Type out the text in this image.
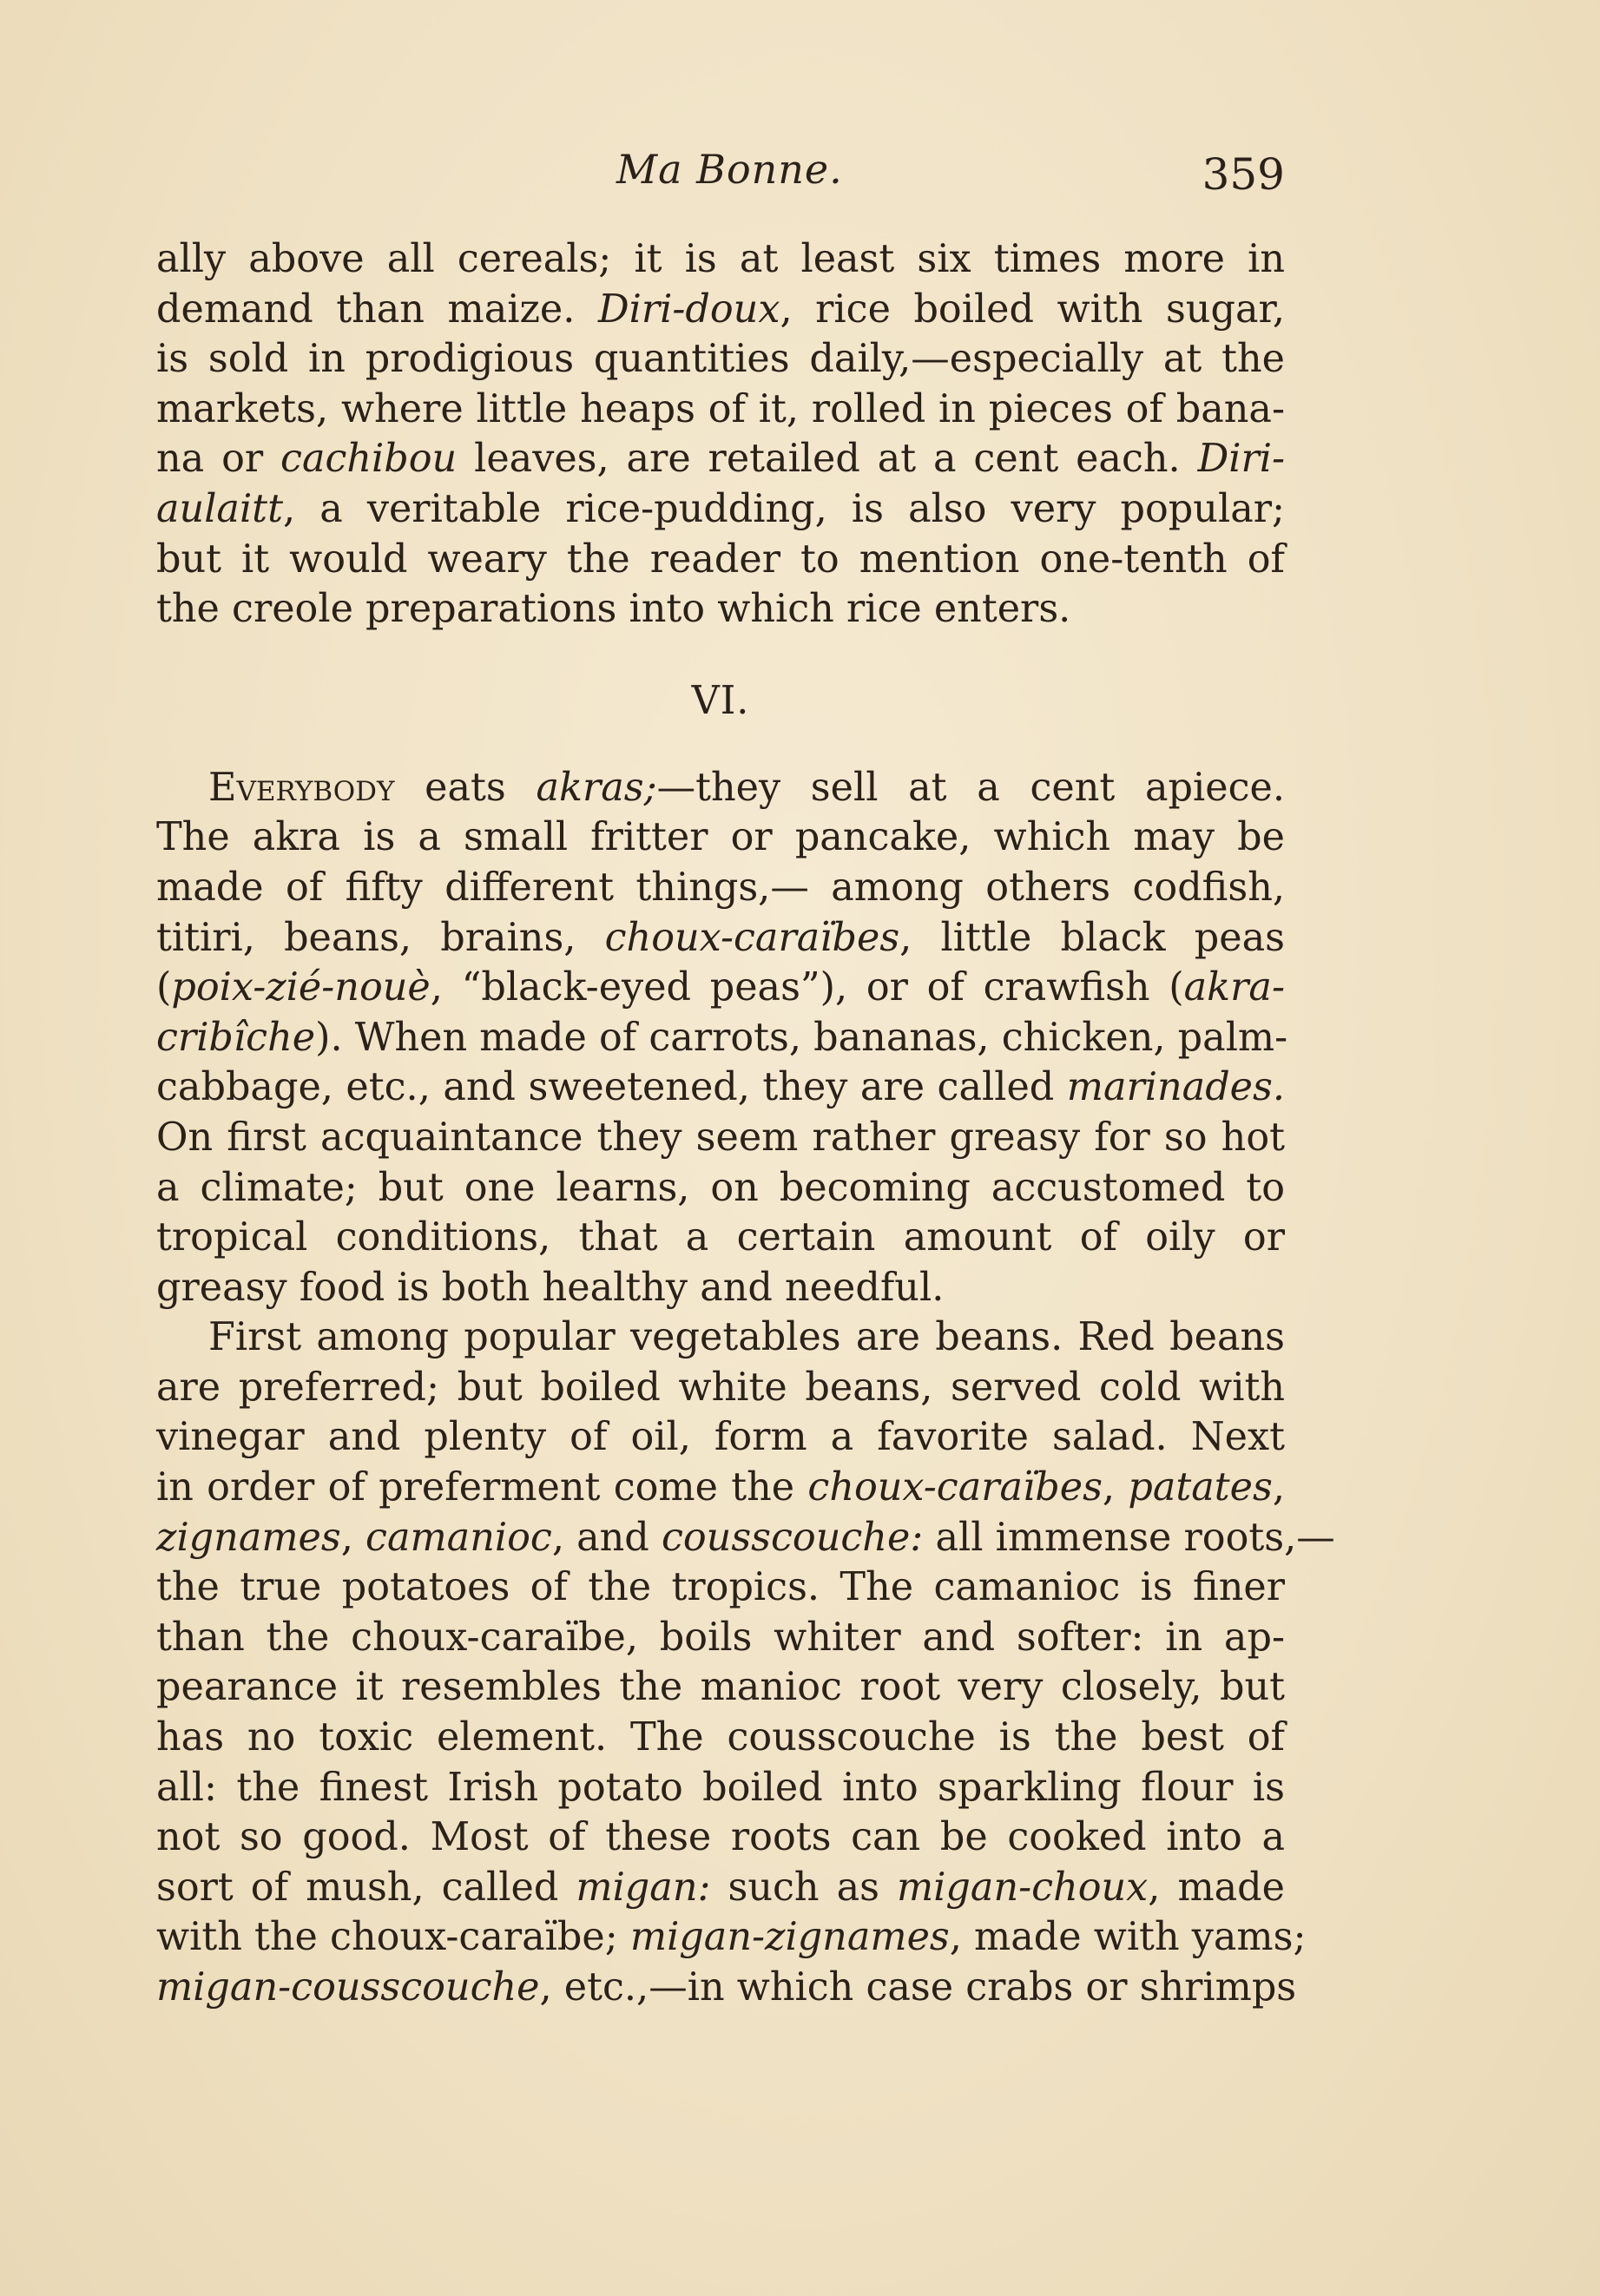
Ma Bonne.	359
ally above all cereals; it is at least six times more in
demand than maize. Diri-doux, rice boiled with sugar,
is sold in prodigious quantities daily,—especially at the
markets, where little heaps of it, rolled in pieces of bana-
na or cachibou leaves, are retailed at a cent each. Diri-
aulaitt, a veritable rice-pudding, is also very popular;
but it would weary the reader to mention one-tenth of
the creole preparations into which rice enters.
VI.
Everybody eats akras;—they sell at a cent apiece.
The akra is a small fritter or pancake, which may be
made of fifty different things,— among others codfish,
titiri, beans, brains, choux-caraïbes, little black peas
(poix-zié-nouè, “black-eyed peas”), or of crawfish (akra-
cribîche). When made of carrots, bananas, chicken, palm-
cabbage, etc., and sweetened, they are called marinades.
On first acquaintance they seem rather greasy for so hot
a climate; but one learns, on becoming accustomed to
tropical conditions, that a certain amount of oily or
greasy food is both healthy and needful.
First among popular vegetables are beans. Red beans
are preferred; but boiled white beans, served cold with
vinegar and plenty of oil, form a favorite salad. Next
in order of preferment come the choux-caraïbes, patates,
zignames, camanioc, and cousscouche: all immense roots,—
the true potatoes of the tropics. The camanioc is finer
than the choux-caraïbe, boils whiter and softer: in ap-
pearance it resembles the manioc root very closely, but
has no toxic element. The cousscouche is the best of
all: the finest Irish potato boiled into sparkling flour is
not so good. Most of these roots can be cooked into a
sort of mush, called migan: such as migan-choux, made
with the choux-caraïbe; migan-zignames, made with yams;
migan-cousscouche, etc.,—in which case crabs or shrimps
